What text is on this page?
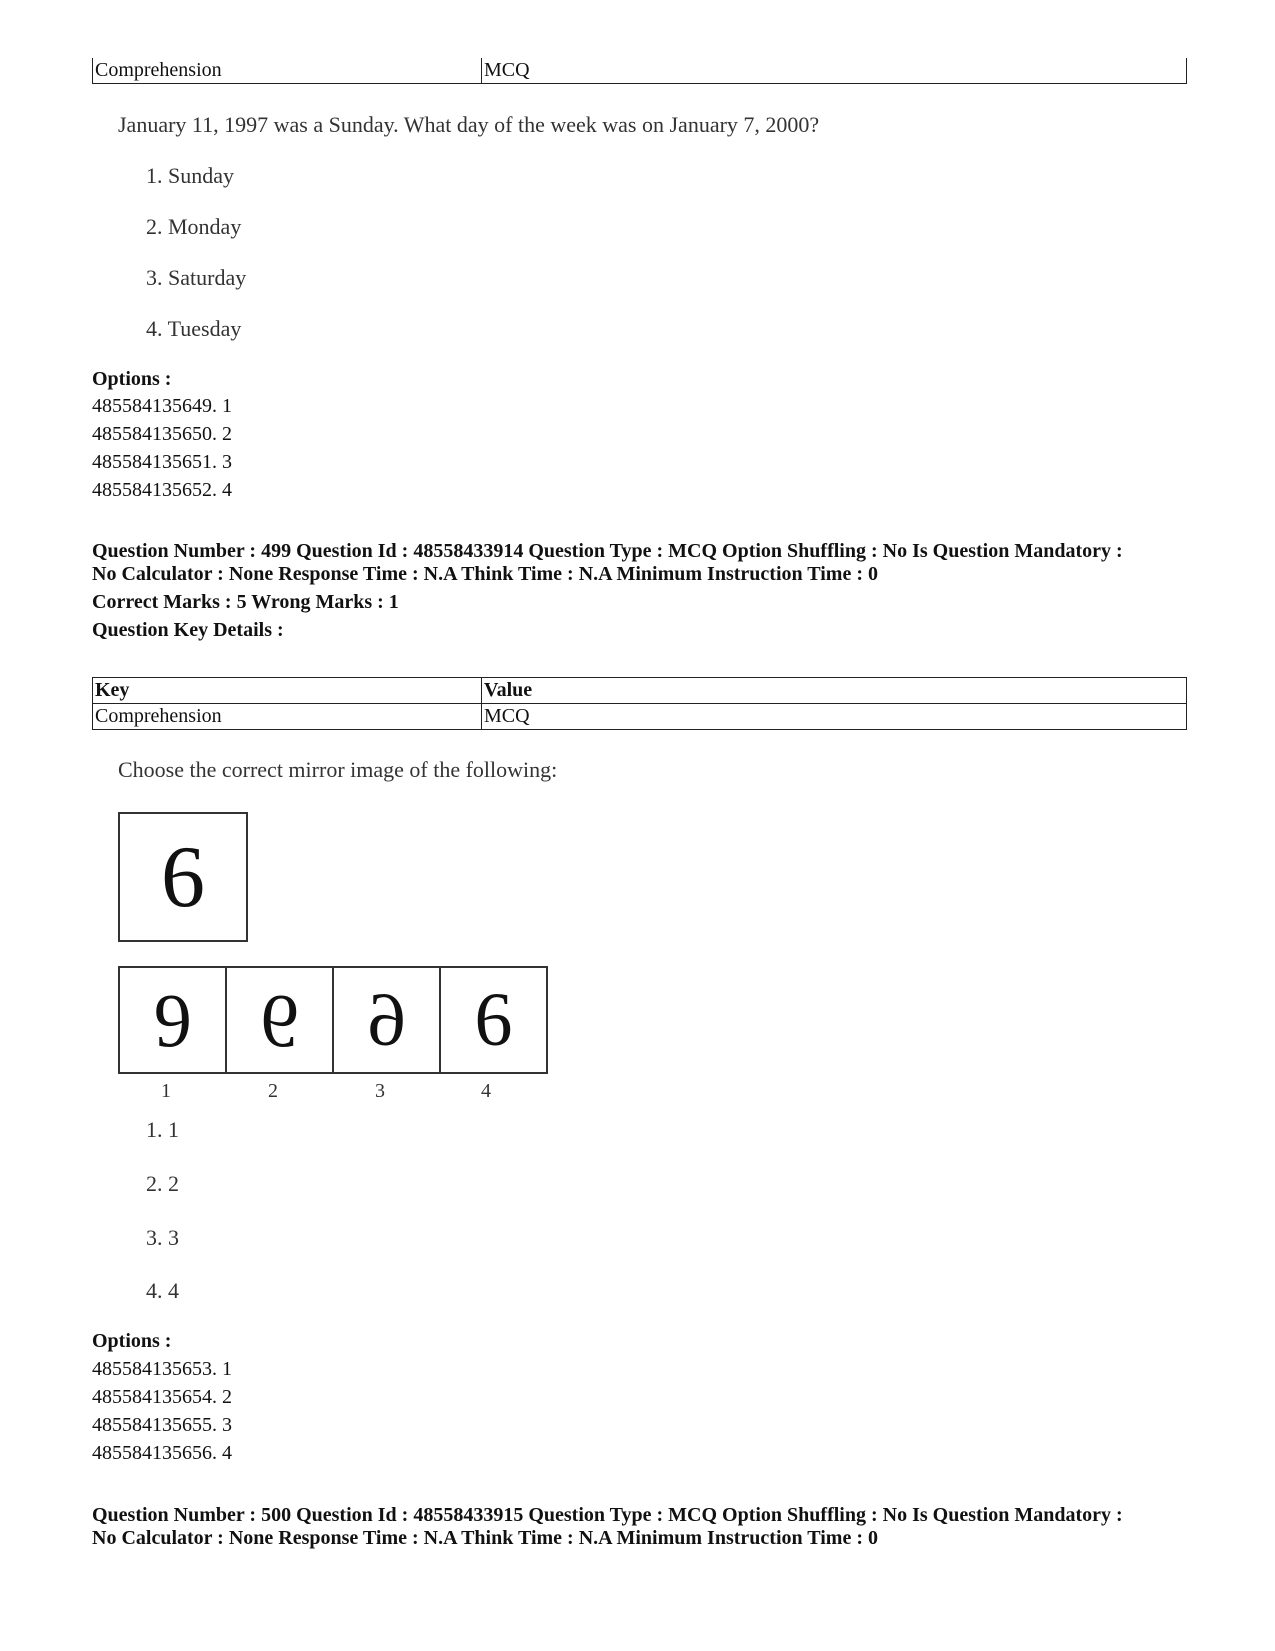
Comprehension	MCQ
January 11, 1997 was a Sunday. What day of the week was on January 7, 2000?
1. Sunday
2. Monday
3. Saturday
4. Tuesday
Options :
485584135649. 1
485584135650. 2
485584135651. 3
485584135652. 4
Question Number : 499 Question Id : 48558433914 Question Type : MCQ Option Shuffling : No Is Question Mandatory :
No Calculator : None Response Time : N.A Think Time : N.A Minimum Instruction Time : 0
Correct Marks : 5 Wrong Marks : 1
Question Key Details :
Key	Value
Comprehension	MCQ
Choose the correct mirror image of the following:
6
6 6 6 6
1	2	3	4
1. 1
2. 2
3. 3
4. 4
Options :
485584135653. 1
485584135654. 2
485584135655. 3
485584135656. 4
Question Number : 500 Question Id : 48558433915 Question Type : MCQ Option Shuffling : No Is Question Mandatory :
No Calculator : None Response Time : N.A Think Time : N.A Minimum Instruction Time : 0
